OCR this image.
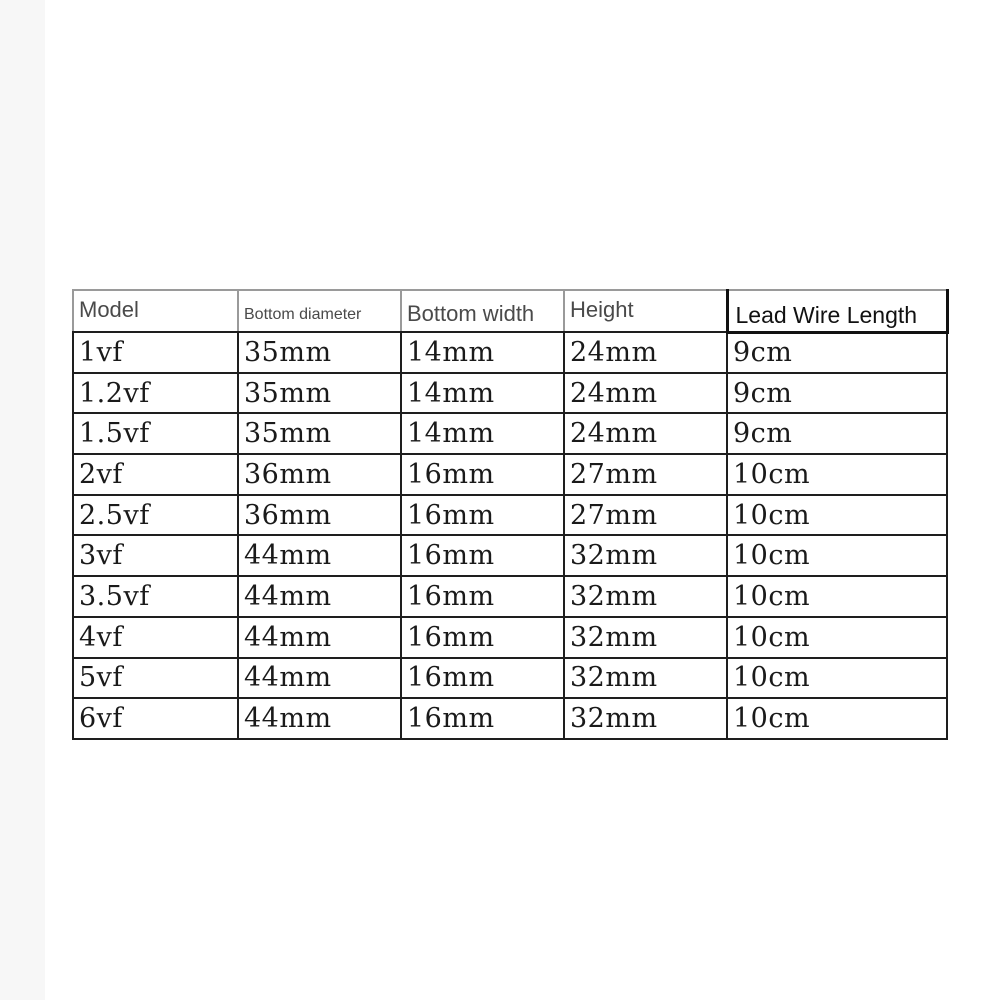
Model	Bottom diameter	Bottom width	Height	Lead Wire Length
1vf	35mm	14mm	24mm	9cm
1.2vf	35mm	14mm	24mm	9cm
1.5vf	35mm	14mm	24mm	9cm
2vf	36mm	16mm	27mm	10cm
2.5vf	36mm	16mm	27mm	10cm
3vf	44mm	16mm	32mm	10cm
3.5vf	44mm	16mm	32mm	10cm
4vf	44mm	16mm	32mm	10cm
5vf	44mm	16mm	32mm	10cm
6vf	44mm	16mm	32mm	10cm
